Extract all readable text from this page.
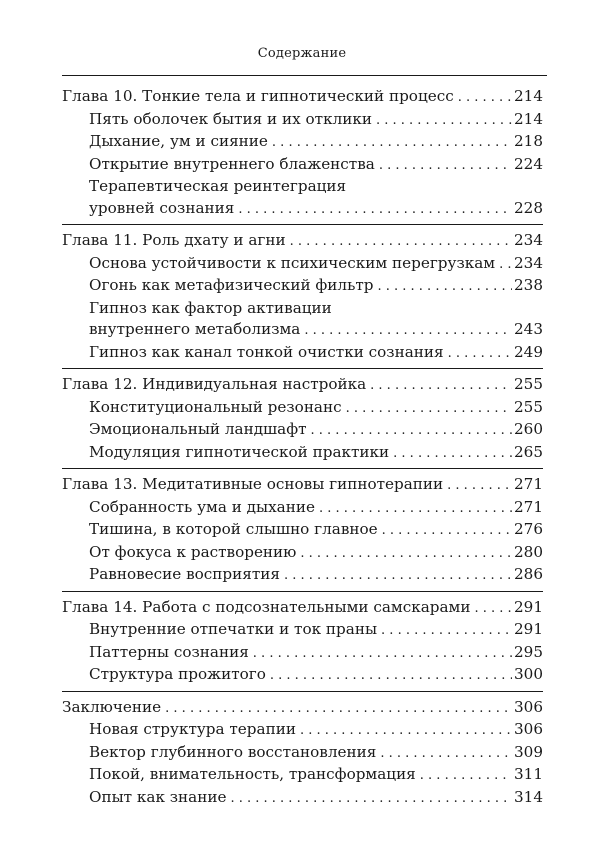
Содержание
Глава 10. Тонкие тела и гипнотический процесс . . .	214
Пять оболочек бытия и их отклики . . .	214
Дыхание, ум и сияние . . .	218
Открытие внутреннего блаженства . . .	224
Терапевтическая реинтеграция
уровней сознания . . .	228
Глава 11. Роль дхату и агни . . .	234
Основа устойчивости к психическим перегрузкам . . . 234
Огонь как метафизический фильтр . . .	238
Гипноз как фактор активации
внутреннего метаболизма . . .	243
Гипноз как канал тонкой очистки сознания . . .	249
Глава 12. Индивидуальная настройка . . .	255
Конституциональный резонанс . . .	255
Эмоциональный ландшафт . . .	260
Модуляция гипнотической практики . . .	265
Глава 13. Медитативные основы гипнотерапии . . .	271
Собранность ума и дыхание . . .	271
Тишина, в которой слышно главное . . .	276
От фокуса к растворению . . .	280
Равновесие восприятия . . .	286
Глава 14. Работа с подсознательными самскарами . . .	291
Внутренние отпечатки и ток праны . . .	291
Паттерны сознания . . .	295
Структура прожитого . . .	300
Заключение . . .	306
Новая структура терапии . . .	306
Вектор глубинного восстановления . . .	309
Покой, внимательность, трансформация . . .	311
Опыт как знание . . .	314
